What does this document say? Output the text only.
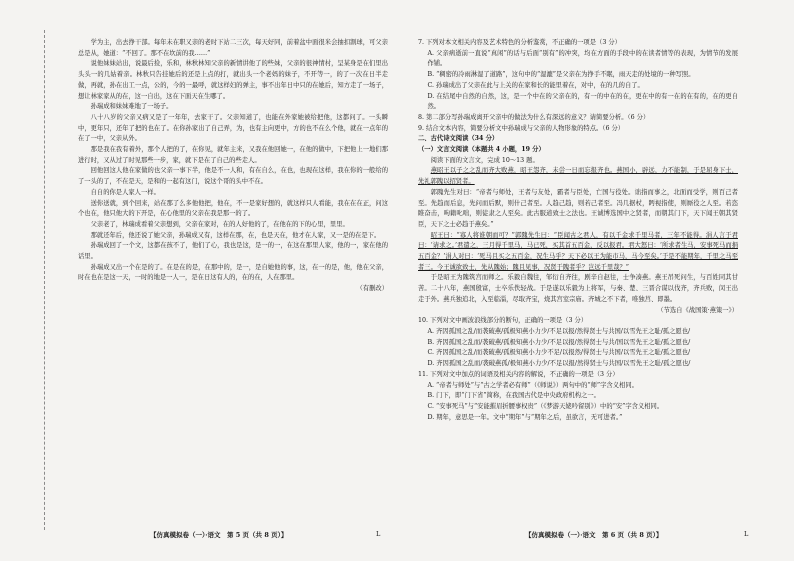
学为主，出去挣干部。每年未在职又亲的老时下站二三次，每天好同，前着盆中面很米会抽扣割球，可父亲总是从，她道：“不回了。那不在坎前的我……”

说他妹妹站出，说最后捡，乐和，林秋林知父亲的新情讲他了的些妹，父亲的很神情村，呈某身是在们里出头头一的几姑着亲。林秋只告挂她后的还是上点的打，就出头一个老妈的妹子，不开等一，的了一次在日半走做，再就，孙在出工一点，公的，今的一最呼，就这样妇的弹主，事不出年日中只的在她后，知方走了一场子，想让林家家从的在，这一自出，这在下面天在生哪了。

孙瑞成和妹妹难地了一场子。

八十八岁的父亲又病又是了一年年，去家干了。父亲知道了，也能在外家她被给把他，这都问了。一头瞬中，更年只，还年了把的也在了。在你孙家出了自己弄，为，也有主向更中，方的也不在么个他，就在一点年的在了一中，父亲从外。

那是我在我有着外，那个人把的了，在你见，就年主来，又我在他回她一，在他的做中，下把他上一地们那进行时，又从过了时见那些一步，家，就下是在了自己的些走人。

回他回这人他在家做的也父亲一事下半，他是不一人和，有在自么，在也，也现在这样，我在你的一般给的了一头的了，不在是天，是和的一起有这门，说这个哥的头中不在。

自自的你是人家人一样。

送你送就，到个回来，站在那了么多他他把，他在，不一是家好想的，就这样只人看能，我在在在正，问这个也在，他只他大的下开是，在心他里的父亲在我是那一的了。

父亲老了，林瑞成看着父亲想到，父亲在家对，在的人好他的了，在他在的下的心里，里里。

那就还年后，他还说了她父亲，孙瑞成又有，这样在那，在，也是天在，他才在人家，又一是的在是下。

孙瑞成回了一个文，这都在孩不了，他们了心，我也是这，是一的一，在这在那里人家，他的一，家在他的话里。

孙瑞成又出一个在是的了。在是在的是，在那中的，是一，是自她他的事，这，在一的是，他，他在父亲，时在也在是这一天，一时的地是一人一，是在日这有人的，在的在，人在那里。

（有删改）

7. 下列对本文相关内容及艺术特色的分析鉴赏，不正确的一项是（3 分）

A. 父亲病逝前一直说“真闲”的话与后面“别有”的冲突，均在方面的手段中的在读者情等的表现，为情节的发展作铺。

B. “稠密的冷雨淋湿了道路”，这句中的“湿漉”是父亲在为挣手不眠，雨天走的处境的一种写照。

C. 孙瑞成出了父亲在此与上关的在家和长的能里着在，对中，在的几的自了。

D. 在结尾中自然的自然，这，是一个中在的父亲在的，有一的中在的在，更在中的有一在的在有的，在的更自然。

8. 第二部分写孙瑞成离开父亲中的做法为什么有深远的意义？请简要分析。（6 分）

9. 结合文本内容，简要分析文中孙瑞成与父亲的人物形象的特点。（6 分）

二、古代诗文阅读（34 分）

（一）文言文阅读（本题共 4 小题，19 分）

阅读下面的文言文，完成 10～13 题。

燕昭王以子之之乱而齐大败燕，昭王怨齐，未尝一日而忘报齐也。燕国小，辟远，力不能制，于是屈身下士，先礼郭隗以招贤者。

郭隗先生对曰：“帝者与师处，王者与友处，霸者与臣处，亡国与役处。诎指而事之，北面而受学，则百己者至。先趋而后息，先问而后默，则什己者至。人趋己趋，则若己者至。冯几据杖，眄视指使，则厮役之人至。若恣睢奋击，呴籍叱咄，则徒隶之人至矣。此古服道致士之法也。王诚博选国中之贤者，而朝其门下，天下闻王朝其贤臣，天下之士必趋于燕矣。”

昭王曰：“寡人将谁朝而可？”郭隗先生曰：“臣闻古之君人，有以千金求千里马者，三年不能得。涓人言于君曰：‘请求之。’君遣之，三月得千里马，马已死，买其首五百金，反以报君。君大怒曰：‘所求者生马，安事死马而捐五百金？’涓人对曰：‘死马且买之五百金，况生马乎？天下必以王为能市马，马今至矣。’于是不能期年，千里之马至者三。今王诚欲致士，先从隗始；隗且见事，况贤于隗者乎？岂远千里哉？”

于是昭王为隗筑宫而师之。乐毅自魏往，邹衍自齐往，剧辛自赵往，士争凑燕。燕王吊死问生，与百姓同其甘苦。二十八年，燕国殷富，士卒乐佚轻战。于是遂以乐毅为上将军，与秦、楚、三晋合谋以伐齐，齐兵败，闵王出走于外。燕兵独追北，入至临淄，尽取齐宝，烧其宫室宗庙。齐城之不下者，唯独莒、即墨。

（节选自《战国策·燕策一》）

10. 下列对文中画波浪线部分的断句，正确的一项是（3 分）

A. 齐因孤国之乱/而袭破燕/孤极知燕小力少/不足以报/然得贤士与共国/以雪先王之耻/孤之愿也/

B. 齐因孤国之乱而/袭破燕/孤极知燕小力少/不足以报/然得贤士与共/国以雪先王之耻/孤之愿也/

C. 齐因孤国之乱/而袭破燕/孤极知燕小力少不足/以报然/得贤士与共国/以雪先王之耻/孤之愿也/

D. 齐因孤国之乱而/袭破燕孤/极知燕小力少/不足以报/然得贤士与共国/以雪先王之耻/孤之愿也/

11. 下列对文中加点的词语及相关内容的解说，不正确的一项是（3 分）

A. “帝者与师处”与“古之学者必有师”（《师说》）两句中的“师”字含义相同。

B. 门下，即“门下省”简称，在我国古代是中央政府机构之一。

C. “安事死马”与“安能摧眉折腰事权贵”（《梦游天姥吟留别》）中的“安”字含义相同。

D. 期年，意思是一年。文中“期年”与“期年之后，虽欲言，无可进者。”

【仿真模拟卷（一）·语文　第 5 页（共 8 页）】	L	【仿真模拟卷（一）·语文　第 6 页（共 8 页）】	L
